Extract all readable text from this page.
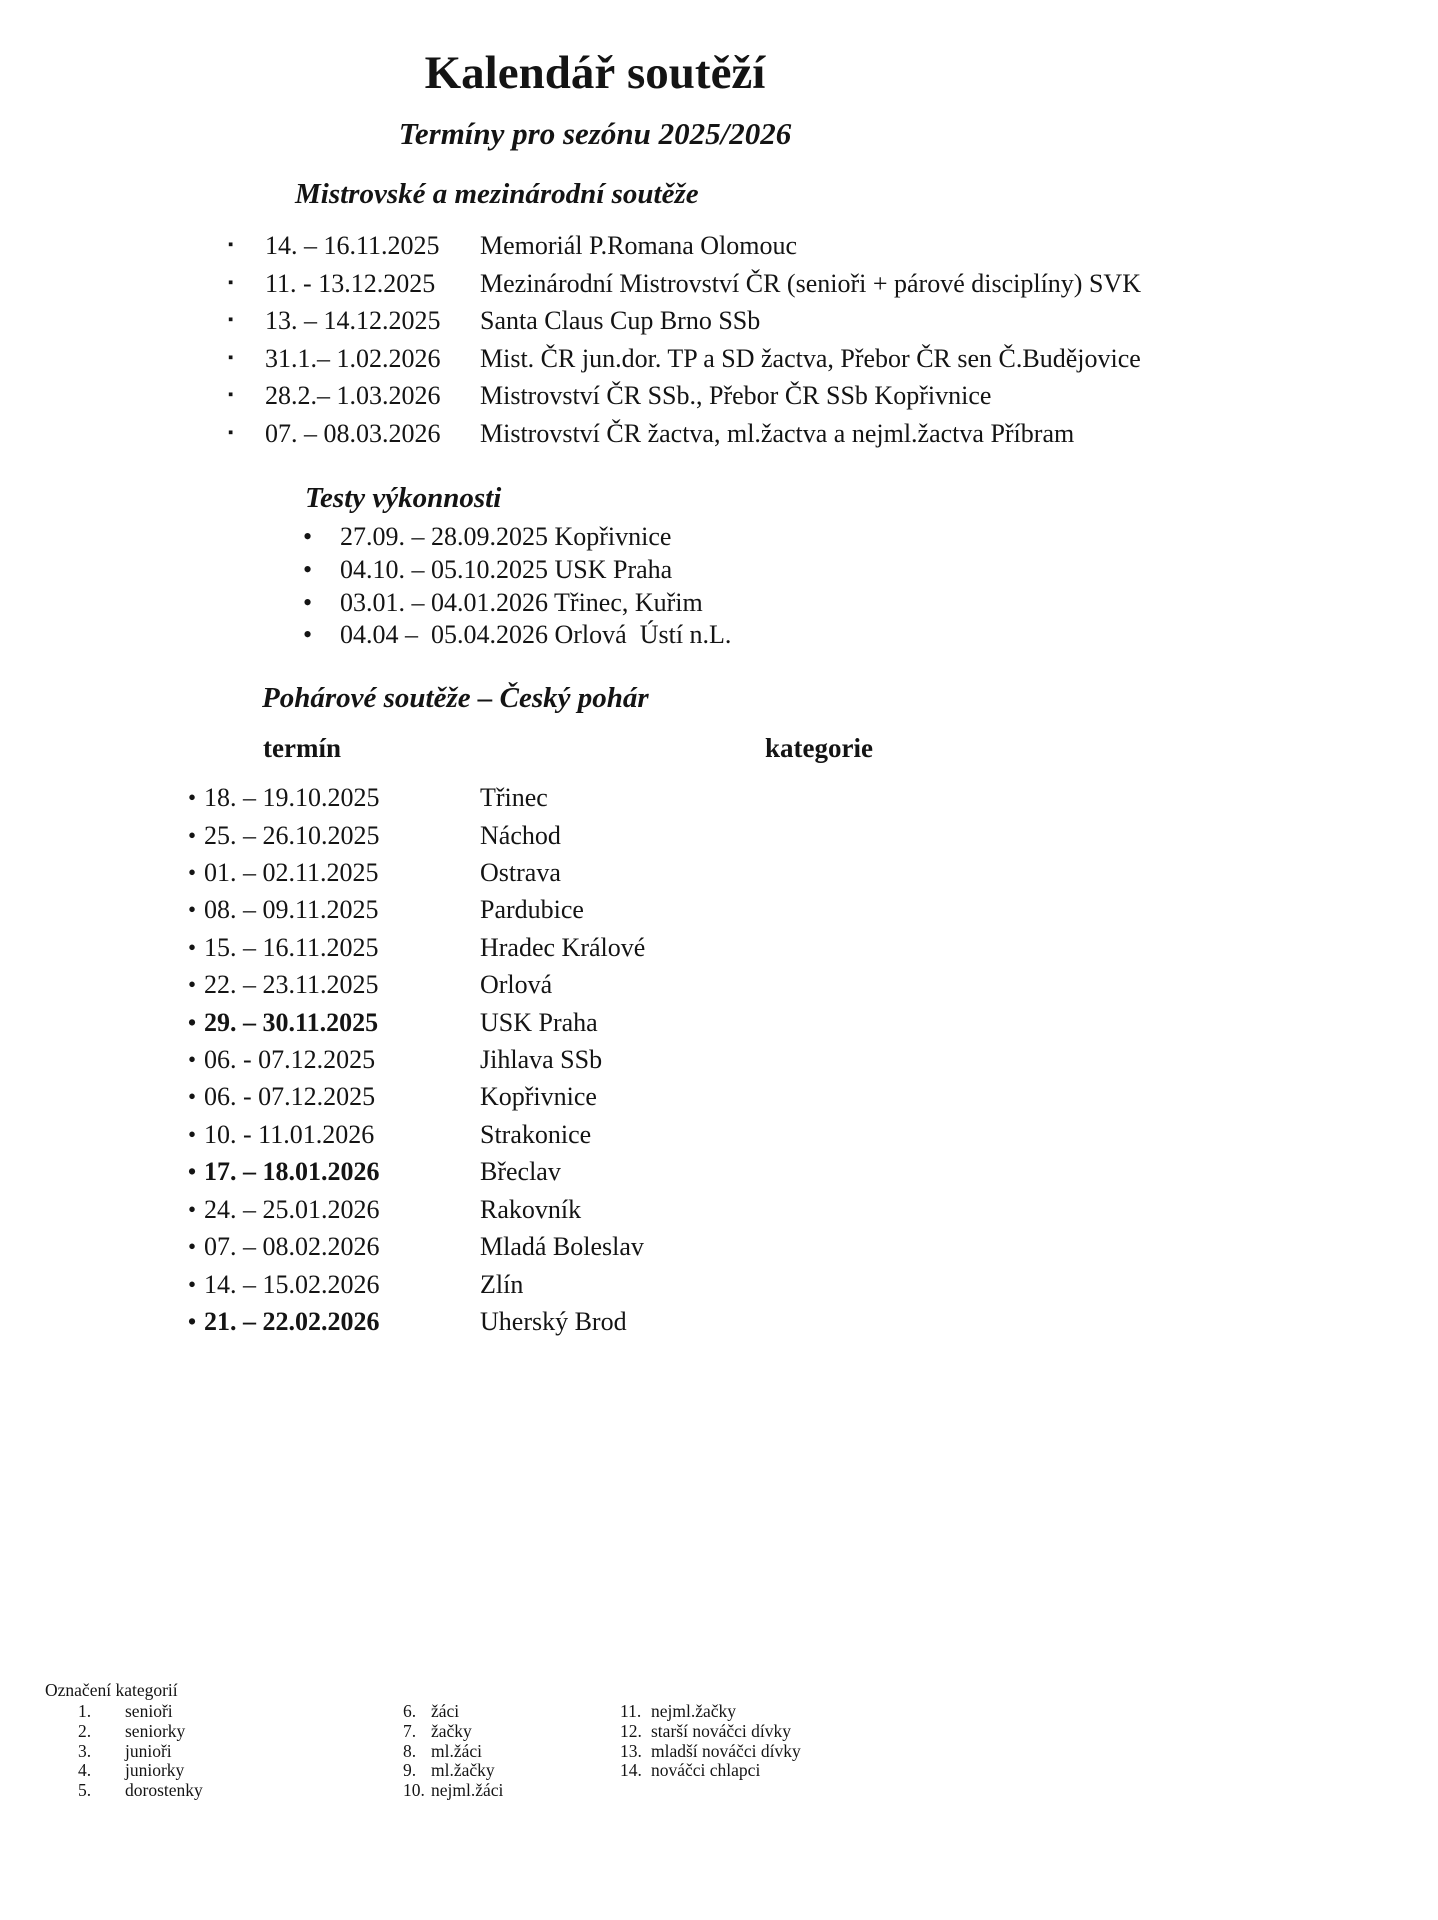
Kalendář soutěží
Termíny pro sezónu 2025/2026
Mistrovské a mezinárodní soutěže
▪
14. – 16.11.2025	Memoriál P.Romana Olomouc
▪
11. - 13.12.2025	Mezinárodní Mistrovství ČR (senioři + párové disciplíny) SVK
▪
13. – 14.12.2025	Santa Claus Cup Brno SSb
▪
31.1.– 1.02.2026	Mist. ČR jun.dor. TP a SD žactva, Přebor ČR sen Č.Budějovice
▪
28.2.– 1.03.2026	Mistrovství ČR SSb., Přebor ČR SSb Kopřivnice
▪
07. – 08.03.2026	Mistrovství ČR žactva, ml.žactva a nejml.žactva Příbram
Testy výkonnosti
•
27.09. – 28.09.2025 Kopřivnice
•
04.10. – 05.10.2025 USK Praha
•
03.01. – 04.01.2026 Třinec, Kuřim
•
04.04 –  05.04.2026 Orlová  Ústí n.L.
Pohárové soutěže – Český pohár
termín	kategorie
•
18. – 19.10.2025	Třinec
•
25. – 26.10.2025	Náchod
•
01. – 02.11.2025	Ostrava
•
08. – 09.11.2025	Pardubice
•
15. – 16.11.2025	Hradec Králové
•
22. – 23.11.2025	Orlová
•
29. – 30.11.2025	USK Praha
•
06. - 07.12.2025	Jihlava SSb
•
06. - 07.12.2025	Kopřivnice
•
10. - 11.01.2026	Strakonice
•
17. – 18.01.2026	Břeclav
•
24. – 25.01.2026	Rakovník
•
07. – 08.02.2026	Mladá Boleslav
•
14. – 15.02.2026	Zlín
•
21. – 22.02.2026	Uherský Brod
Označení kategorií
1.	senioři
2.	seniorky
3.	junioři
4.	juniorky
5.	dorostenky
6. žáci
7. žačky
8. ml.žáci
9. ml.žačky
10. nejml.žáci
11. nejml.žačky
12. starší nováčci dívky
13. mladší nováčci dívky
14. nováčci chlapci
